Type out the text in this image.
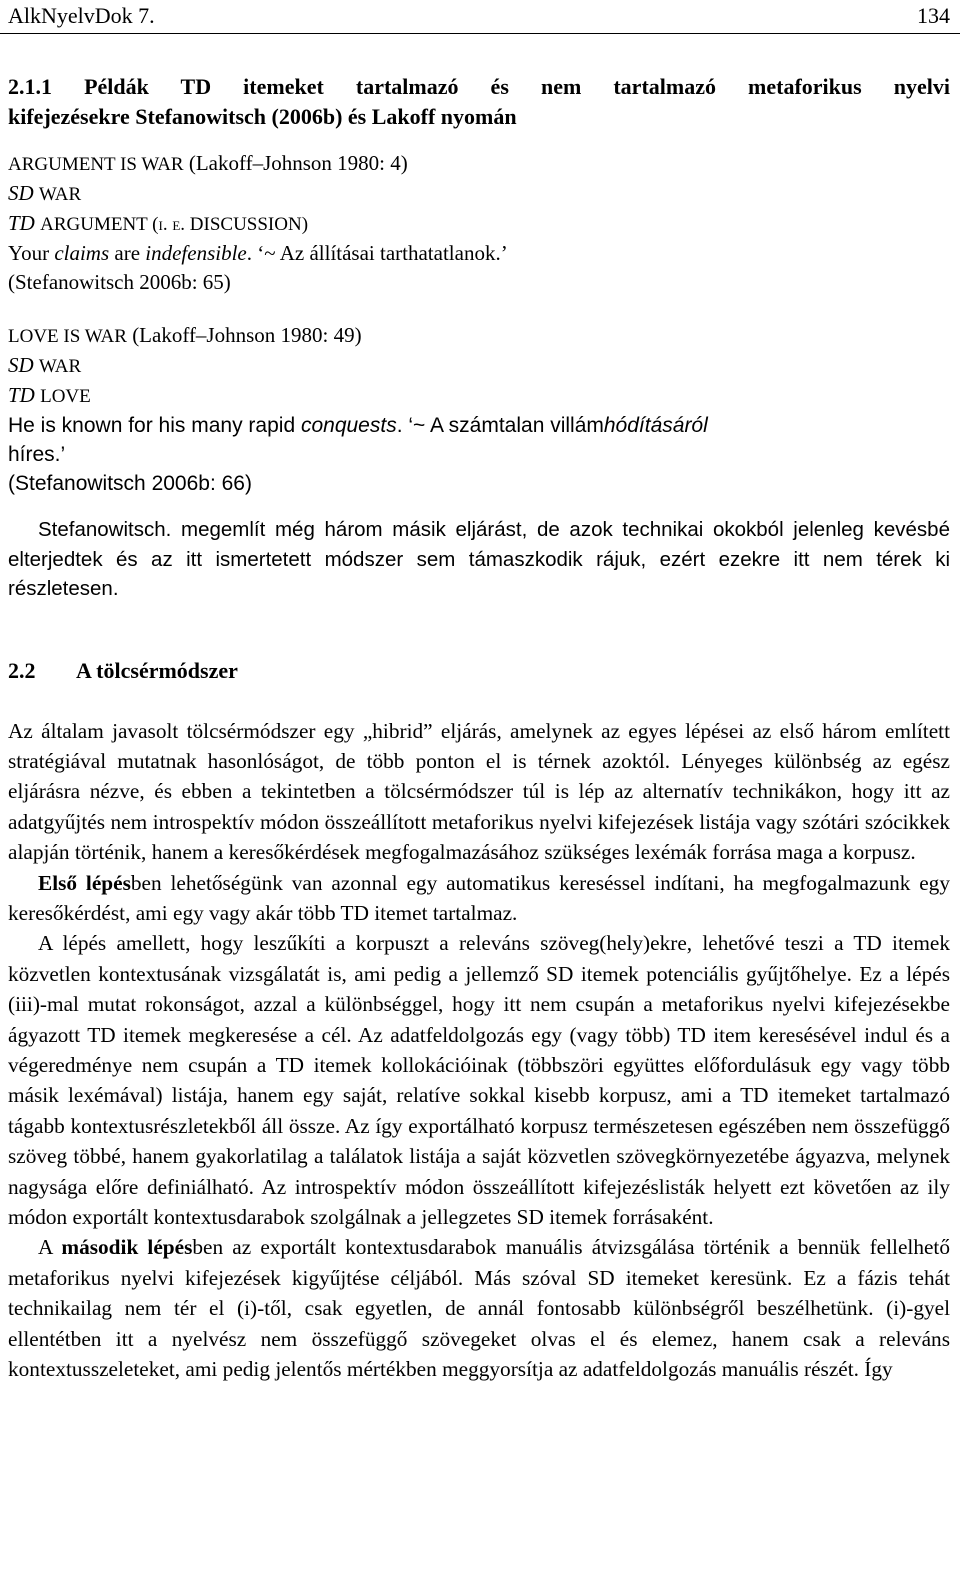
AlkNyelvDok 7.	134
2.1.1 Példák TD itemeket tartalmazó és nem tartalmazó metaforikus nyelvi
kifejezésekre Stefanowitsch (2006b) és Lakoff nyomán
ARGUMENT IS WAR (Lakoff–Johnson 1980: 4)
SD WAR
TD ARGUMENT (i. e. DISCUSSION)
Your claims are indefensible. ‘~ Az állításai tarthatatlanok.’
(Stefanowitsch 2006b: 65)
LOVE IS WAR (Lakoff–Johnson 1980: 49)
SD WAR
TD LOVE
He is known for his many rapid conquests. ‘~ A számtalan villámhódításáról
híres.’
(Stefanowitsch 2006b: 66)

Stefanowitsch. megemlít még három másik eljárást, de azok technikai okokból jelenleg kevésbé elterjedtek és az itt ismertetett módszer sem támaszkodik rájuk, ezért ezekre itt nem térek ki részletesen.

2.2 A tölcsérmódszer

Az általam javasolt tölcsérmódszer egy „hibrid” eljárás, amelynek az egyes lépései az első három említett stratégiával mutatnak hasonlóságot, de több ponton el is térnek azoktól. Lényeges különbség az egész eljárásra nézve, és ebben a tekintetben a tölcsérmódszer túl is lép az alternatív technikákon, hogy itt az adatgyűjtés nem introspektív módon összeállított metaforikus nyelvi kifejezések listája vagy szótári szócikkek alapján történik, hanem a keresőkérdések megfogalmazásához szükséges lexémák forrása maga a korpusz.

Első lépésben lehetőségünk van azonnal egy automatikus kereséssel indítani, ha megfogalmazunk egy keresőkérdést, ami egy vagy akár több TD itemet tartalmaz.

A lépés amellett, hogy leszűkíti a korpuszt a releváns szöveg(hely)ekre, lehetővé teszi a TD itemek közvetlen kontextusának vizsgálatát is, ami pedig a jellemző SD itemek potenciális gyűjtőhelye. Ez a lépés (iii)-mal mutat rokonságot, azzal a különbséggel, hogy itt nem csupán a metaforikus nyelvi kifejezésekbe ágyazott TD itemek megkeresése a cél. Az adatfeldolgozás egy (vagy több) TD item keresésével indul és a végeredménye nem csupán a TD itemek kollokációinak (többszöri együttes előfordulásuk egy vagy több másik lexémával) listája, hanem egy saját, relatíve sokkal kisebb korpusz, ami a TD itemeket tartalmazó tágabb kontextusrészletekből áll össze. Az így exportálható korpusz természetesen egészében nem összefüggő szöveg többé, hanem gyakorlatilag a találatok listája a saját közvetlen szövegkörnyezetébe ágyazva, melynek nagysága előre definiálható. Az introspektív módon összeállított kifejezéslisták helyett ezt követően az ily módon exportált kontextusdarabok szolgálnak a jellegzetes SD itemek forrásaként.

A második lépésben az exportált kontextusdarabok manuális átvizsgálása történik a bennük fellelhető metaforikus nyelvi kifejezések kigyűjtése céljából. Más szóval SD itemeket keresünk. Ez a fázis tehát technikailag nem tér el (i)-től, csak egyetlen, de annál fontosabb különbségről beszélhetünk. (i)-gyel ellentétben itt a nyelvész nem összefüggő szövegeket olvas el és elemez, hanem csak a releváns kontextusszeleteket, ami pedig jelentős mértékben meggyorsítja az adatfeldolgozás manuális részét. Így
